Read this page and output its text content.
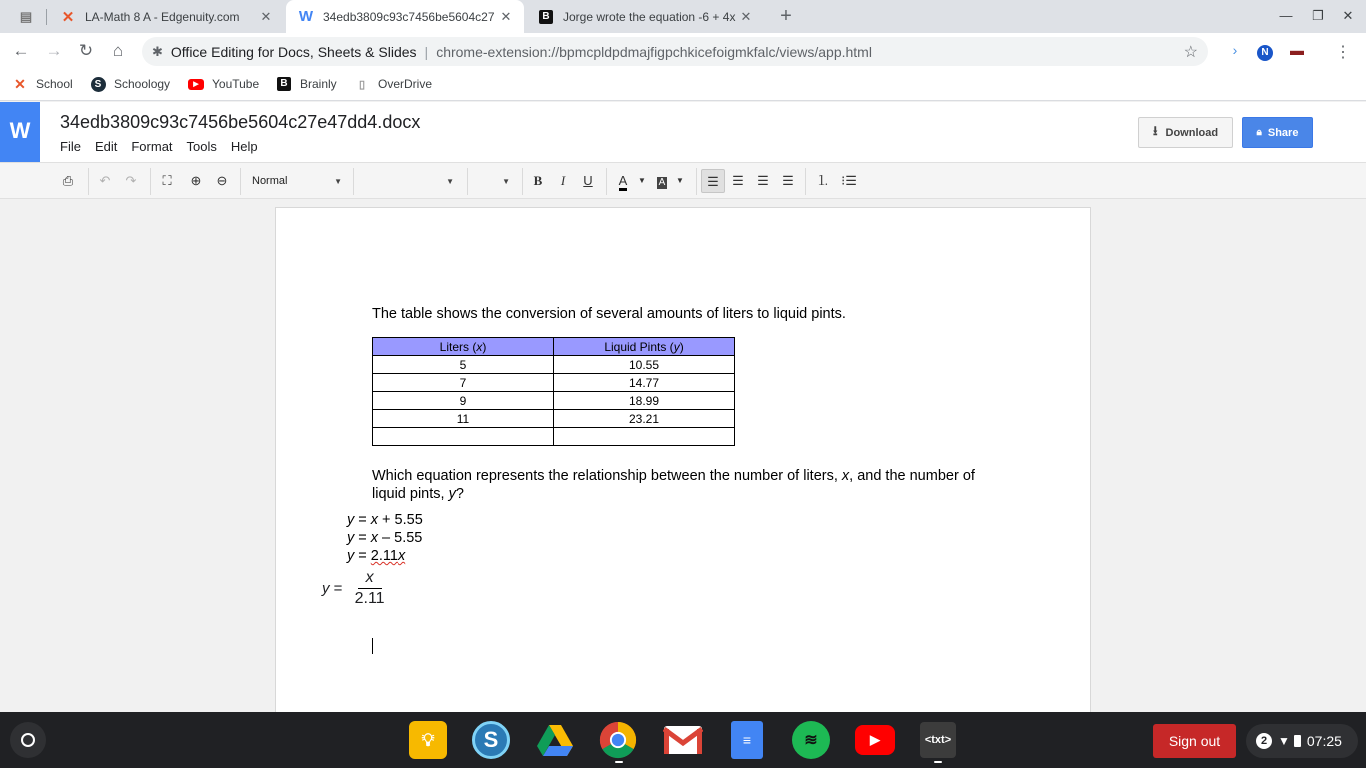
▤ ✕ LA-Math 8 A - Edgenuity.com	✕ W 34edb3809c93c7456be5604c27 ✕	B Jorge wrote the equation -6 + 4x ✕ +	— ❐ ✕
← → ↻	⌂	✱ Office Editing for Docs, Sheets & Slides | chrome-extension://bpmcpldpdmajfigpchkicefoigmkfalc/views/app.html	☆	›	N	▬ ⋮
✕ School	S	Schoology	▶	YouTube	B Brainly	▯	OverDrive
W	34edb3809c93c7456be5604c27e47dd4.docx
File Edit Format Tools Help
⭳ Download	🔒︎ Share
⎙	↶	↷	⛶	⊕	⊖	Normal	▼	▼	▼	B	I	U	A	▼	A	▼	☰	☰	☰	☰	⒈ ⁝☰
The table shows the conversion of several amounts of liters to liquid pints.
Liters (x)	Liquid Pints (y)
5	10.55
7	14.77
9	18.99
11	23.21

Which equation represents the relationship between the number of liters, x, and the number of
liquid pints, y?
y = x + 5.55
y = x – 5.55
y = 2.11x
$y = \frac{x}{2.11}$
💡︎	S	≡	≋	▶	<txt>	Sign out	2 ▼ 07:25
